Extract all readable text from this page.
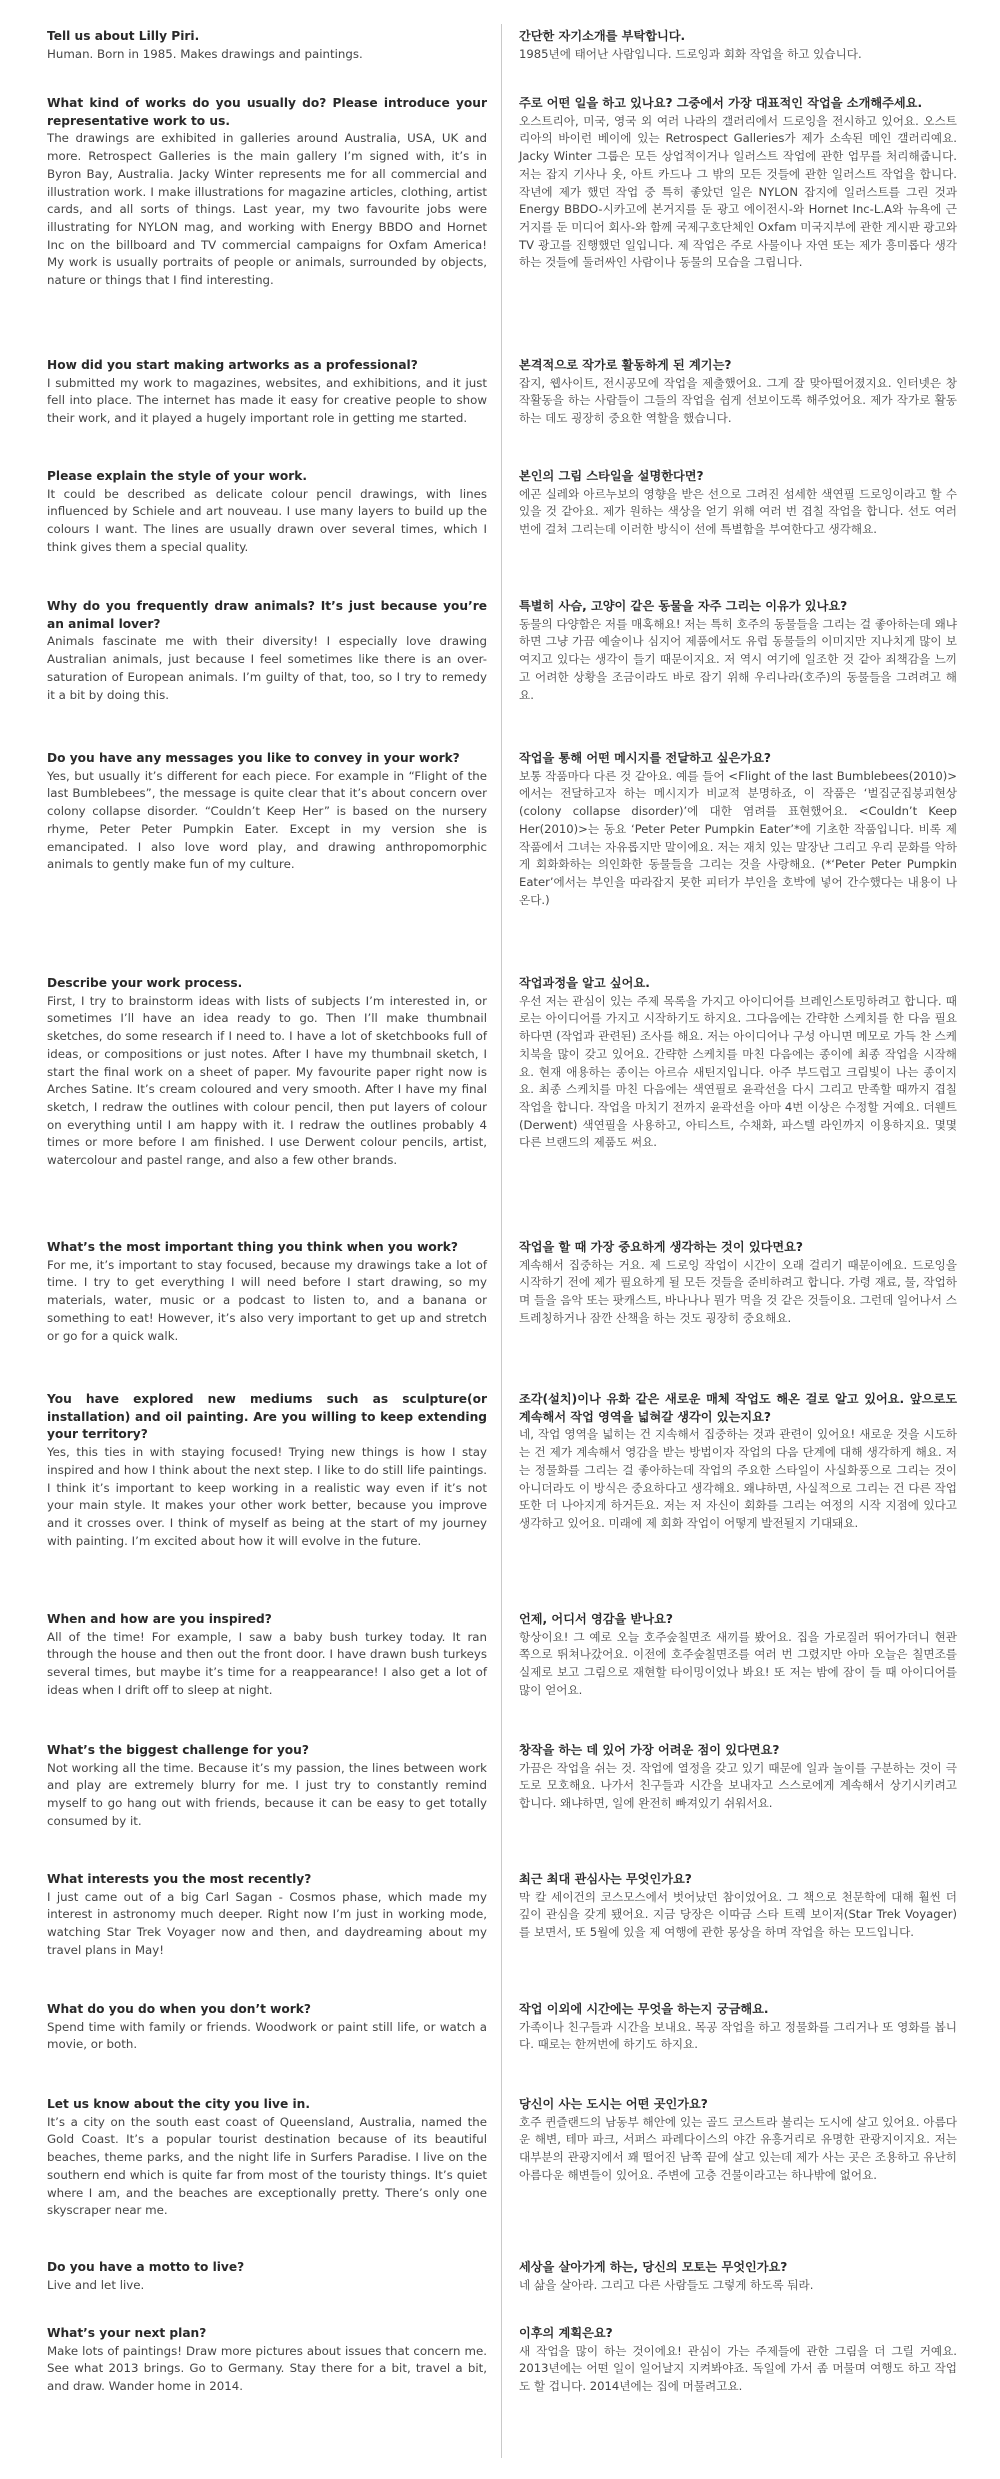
Tell us about Lilly Piri.

Human. Born in 1985. Makes drawings and paintings.

간단한 자기소개를 부탁합니다.

1985년에 태어난 사람입니다. 드로잉과 회화 작업을 하고 있습니다.

What kind of works do you usually do? Please introduce your representative work to us.

The drawings are exhibited in galleries around Australia, USA, UK and more. Retrospect Galleries is the main gallery I’m signed with, it’s in Byron Bay, Australia. Jacky Winter represents me for all commercial and illustration work. I make illustrations for magazine articles, clothing, artist cards, and all sorts of things. Last year, my two favourite jobs were illustrating for NYLON mag, and working with Energy BBDO and Hornet Inc on the billboard and TV commercial campaigns for Oxfam America! My work is usually portraits of people or animals, surrounded by objects, nature or things that I find interesting.

주로 어떤 일을 하고 있나요? 그중에서 가장 대표적인 작업을 소개해주세요.

오스트리아, 미국, 영국 외 여러 나라의 갤러리에서 드로잉을 전시하고 있어요. 오스트리아의 바이런 베이에 있는 Retrospect Galleries가 제가 소속된 메인 갤러리예요. Jacky Winter 그룹은 모든 상업적이거나 일러스트 작업에 관한 업무를 처리해줍니다. 저는 잡지 기사나 옷, 아트 카드나 그 밖의 모든 것들에 관한 일러스트 작업을 합니다. 작년에 제가 했던 작업 중 특히 좋았던 일은 NYLON 잡지에 일러스트를 그린 것과 Energy BBDO-시카고에 본거지를 둔 광고 에이전시-와 Hornet Inc-L.A와 뉴욕에 근거지를 둔 미디어 회사-와 함께 국제구호단체인 Oxfam 미국지부에 관한 게시판 광고와 TV 광고를 진행했던 일입니다. 제 작업은 주로 사물이나 자연 또는 제가 흥미롭다 생각하는 것들에 둘러싸인 사람이나 동물의 모습을 그립니다.

How did you start making artworks as a professional?

I submitted my work to magazines, websites, and exhibitions, and it just fell into place. The internet has made it easy for creative people to show their work, and it played a hugely important role in getting me started.

본격적으로 작가로 활동하게 된 계기는?

잡지, 웹사이트, 전시공모에 작업을 제출했어요. 그게 잘 맞아떨어졌지요. 인터넷은 창작활동을 하는 사람들이 그들의 작업을 쉽게 선보이도록 해주었어요. 제가 작가로 활동하는 데도 굉장히 중요한 역할을 했습니다.

Please explain the style of your work.

It could be described as delicate colour pencil drawings, with lines influenced by Schiele and art nouveau. I use many layers to build up the colours I want. The lines are usually drawn over several times, which I think gives them a special quality.

본인의 그림 스타일을 설명한다면?

에곤 실레와 아르누보의 영향을 받은 선으로 그려진 섬세한 색연필 드로잉이라고 할 수 있을 것 같아요. 제가 원하는 색상을 얻기 위해 여러 번 겹칠 작업을 합니다. 선도 여러 번에 걸쳐 그리는데 이러한 방식이 선에 특별함을 부여한다고 생각해요.

Why do you frequently draw animals? It’s just because you’re an animal lover?

Animals fascinate me with their diversity! I especially love drawing Australian animals, just because I feel sometimes like there is an over-saturation of European animals. I’m guilty of that, too, so I try to remedy it a bit by doing this.

특별히 사슴, 고양이 같은 동물을 자주 그리는 이유가 있나요?

동물의 다양함은 저를 매혹해요! 저는 특히 호주의 동물들을 그리는 걸 좋아하는데 왜냐하면 그냥 가끔 예술이나 심지어 제품에서도 유럽 동물들의 이미지만 지나치게 많이 보여지고 있다는 생각이 들기 때문이지요. 저 역시 여기에 일조한 것 같아 죄책감을 느끼고 어려한 상황을 조금이라도 바로 잡기 위해 우리나라(호주)의 동물들을 그려려고 해요.

Do you have any messages you like to convey in your work?

Yes, but usually it’s different for each piece. For example in “Flight of the last Bumblebees”, the message is quite clear that it’s about concern over colony collapse disorder. “Couldn’t Keep Her” is based on the nursery rhyme, Peter Peter Pumpkin Eater. Except in my version she is emancipated. I also love word play, and drawing anthropomorphic animals to gently make fun of my culture.

작업을 통해 어떤 메시지를 전달하고 싶은가요?

보통 작품마다 다른 것 같아요. 예를 들어 <Flight of the last Bumblebees(2010)>에서는 전달하고자 하는 메시지가 비교적 분명하죠, 이 작품은 ‘벌집군집붕괴현상(colony collapse disorder)’에 대한 염려를 표현했어요. <Couldn’t Keep Her(2010)>는 동요 ‘Peter Peter Pumpkin Eater’*에 기초한 작품입니다. 비록 제 작품에서 그녀는 자유롭지만 말이에요. 저는 재치 있는 말장난 그리고 우리 문화를 악하게 회화화하는 의인화한 동물들을 그리는 것을 사랑해요. (*‘Peter Peter Pumpkin Eater’에서는 부인을 따라잡지 못한 피터가 부인을 호박에 넣어 간수했다는 내용이 나온다.)

Describe your work process.

First, I try to brainstorm ideas with lists of subjects I’m interested in, or sometimes I’ll have an idea ready to go. Then I’ll make thumbnail sketches, do some research if I need to. I have a lot of sketchbooks full of ideas, or compositions or just notes. After I have my thumbnail sketch, I start the final work on a sheet of paper. My favourite paper right now is Arches Satine. It’s cream coloured and very smooth. After I have my final sketch, I redraw the outlines with colour pencil, then put layers of colour on everything until I am happy with it. I redraw the outlines probably 4 times or more before I am finished. I use Derwent colour pencils, artist, watercolour and pastel range, and also a few other brands.

작업과정을 알고 싶어요.

우선 저는 관심이 있는 주제 목록을 가지고 아이디어를 브레인스토밍하려고 합니다. 때로는 아이디어를 가지고 시작하기도 하지요. 그다음에는 간략한 스케치를 한 다음 필요하다면 (작업과 관련된) 조사를 해요. 저는 아이디어나 구성 아니면 메모로 가득 찬 스케치북을 많이 갖고 있어요. 간략한 스케치를 마친 다음에는 종이에 최종 작업을 시작해요. 현재 애용하는 종이는 아르슈 새틴지입니다. 아주 부드럽고 크림빛이 나는 종이지요. 최종 스케치를 마친 다음에는 색연필로 윤곽선을 다시 그리고 만족할 때까지 겹칠 작업을 합니다. 작업을 마치기 전까지 윤곽선을 아마 4번 이상은 수정할 거예요. 더웬트(Derwent) 색연필을 사용하고, 아티스트, 수채화, 파스텔 라인까지 이용하지요. 몇몇 다른 브랜드의 제품도 써요.

What’s the most important thing you think when you work?

For me, it’s important to stay focused, because my drawings take a lot of time. I try to get everything I will need before I start drawing, so my materials, water, music or a podcast to listen to, and a banana or something to eat! However, it’s also very important to get up and stretch or go for a quick walk.

작업을 할 때 가장 중요하게 생각하는 것이 있다면요?

계속해서 집중하는 거요. 제 드로잉 작업이 시간이 오래 걸리기 때문이에요. 드로잉을 시작하기 전에 제가 필요하게 될 모든 것들을 준비하려고 합니다. 가령 재료, 물, 작업하며 들을 음악 또는 팟캐스트, 바나나나 뭔가 먹을 것 같은 것들이요. 그런데 일어나서 스트레칭하거나 잠깐 산책을 하는 것도 굉장히 중요해요.

You have explored new mediums such as sculpture(or installation) and oil painting. Are you willing to keep extending your territory?

Yes, this ties in with staying focused! Trying new things is how I stay inspired and how I think about the next step. I like to do still life paintings. I think it’s important to keep working in a realistic way even if it’s not your main style. It makes your other work better, because you improve and it crosses over. I think of myself as being at the start of my journey with painting. I’m excited about how it will evolve in the future.

조각(설치)이나 유화 같은 새로운 매체 작업도 해온 걸로 알고 있어요. 앞으로도 계속해서 작업 영역을 넓혀갈 생각이 있는지요?

네, 작업 영역을 넓히는 건 지속해서 집중하는 것과 관련이 있어요! 새로운 것을 시도하는 건 제가 계속해서 영감을 받는 방법이자 작업의 다음 단계에 대해 생각하게 해요. 저는 정물화를 그리는 걸 좋아하는데 작업의 주요한 스타일이 사실화풍으로 그리는 것이 아니더라도 이 방식은 중요하다고 생각해요. 왜냐하면, 사실적으로 그리는 건 다른 작업 또한 더 나아지게 하거든요. 저는 저 자신이 회화를 그리는 여정의 시작 지점에 있다고 생각하고 있어요. 미래에 제 회화 작업이 어떻게 발전될지 기대돼요.

When and how are you inspired?

All of the time! For example, I saw a baby bush turkey today. It ran through the house and then out the front door. I have drawn bush turkeys several times, but maybe it’s time for a reappearance! I also get a lot of ideas when I drift off to sleep at night.

언제, 어디서 영감을 받나요?

항상이요! 그 예로 오늘 호주숲칠면조 새끼를 봤어요. 집을 가로질러 뛰어가더니 현관 쪽으로 뛰쳐나갔어요. 이전에 호주숲칠면조를 여러 번 그렸지만 아마 오늘은 칠면조를 실제로 보고 그림으로 재현할 타이밍이었나 봐요! 또 저는 밤에 잠이 들 때 아이디어를 많이 얻어요.

What’s the biggest challenge for you?

Not working all the time. Because it’s my passion, the lines between work and play are extremely blurry for me. I just try to constantly remind myself to go hang out with friends, because it can be easy to get totally consumed by it.

창작을 하는 데 있어 가장 어려운 점이 있다면요?

가끔은 작업을 쉬는 것. 작업에 열정을 갖고 있기 때문에 일과 놀이를 구분하는 것이 극도로 모호해요. 나가서 친구들과 시간을 보내자고 스스로에게 계속해서 상기시키려고 합니다. 왜냐하면, 일에 완전히 빠져있기 쉬워서요.

What interests you the most recently?

I just came out of a big Carl Sagan - Cosmos phase, which made my interest in astronomy much deeper. Right now I’m just in working mode, watching Star Trek Voyager now and then, and daydreaming about my travel plans in May!

최근 최대 관심사는 무엇인가요?

막 칼 세이건의 코스모스에서 벗어났던 참이었어요. 그 책으로 천문학에 대해 훨씬 더 깊이 관심을 갖게 됐어요. 지금 당장은 이따금 스타 트렉 보이저(Star Trek Voyager)를 보면서, 또 5월에 있을 제 여행에 관한 몽상을 하며 작업을 하는 모드입니다.

What do you do when you don’t work?

Spend time with family or friends. Woodwork or paint still life, or watch a movie, or both.

작업 이외에 시간에는 무엇을 하는지 궁금해요.

가족이나 친구들과 시간을 보내요. 목공 작업을 하고 정물화를 그리거나 또 영화를 봅니다. 때로는 한꺼번에 하기도 하지요.

Let us know about the city you live in.

It’s a city on the south east coast of Queensland, Australia, named the Gold Coast. It’s a popular tourist destination because of its beautiful beaches, theme parks, and the night life in Surfers Paradise. I live on the southern end which is quite far from most of the touristy things. It’s quiet where I am, and the beaches are exceptionally pretty. There’s only one skyscraper near me.

당신이 사는 도시는 어떤 곳인가요?

호주 퀸즐랜드의 남동부 해안에 있는 골드 코스트라 불리는 도시에 살고 있어요. 아름다운 해변, 테마 파크, 서퍼스 파레다이스의 야간 유흥거리로 유명한 관광지이지요. 저는 대부분의 관광지에서 꽤 떨어진 남쪽 끝에 살고 있는데 제가 사는 곳은 조용하고 유난히 아름다운 해변들이 있어요. 주변에 고층 건물이라고는 하나밖에 없어요.

Do you have a motto to live?

Live and let live.

세상을 살아가게 하는, 당신의 모토는 무엇인가요?

네 삶을 살아라. 그리고 다른 사람들도 그렇게 하도록 둬라.

What’s your next plan?

Make lots of paintings! Draw more pictures about issues that concern me. See what 2013 brings. Go to Germany. Stay there for a bit, travel a bit, and draw. Wander home in 2014.

이후의 계획은요?

새 작업을 많이 하는 것이에요! 관심이 가는 주제들에 관한 그림을 더 그릴 거예요. 2013년에는 어떤 일이 일어날지 지켜봐야죠. 독일에 가서 좀 머물며 여행도 하고 작업도 할 겁니다. 2014년에는 집에 머물려고요.
